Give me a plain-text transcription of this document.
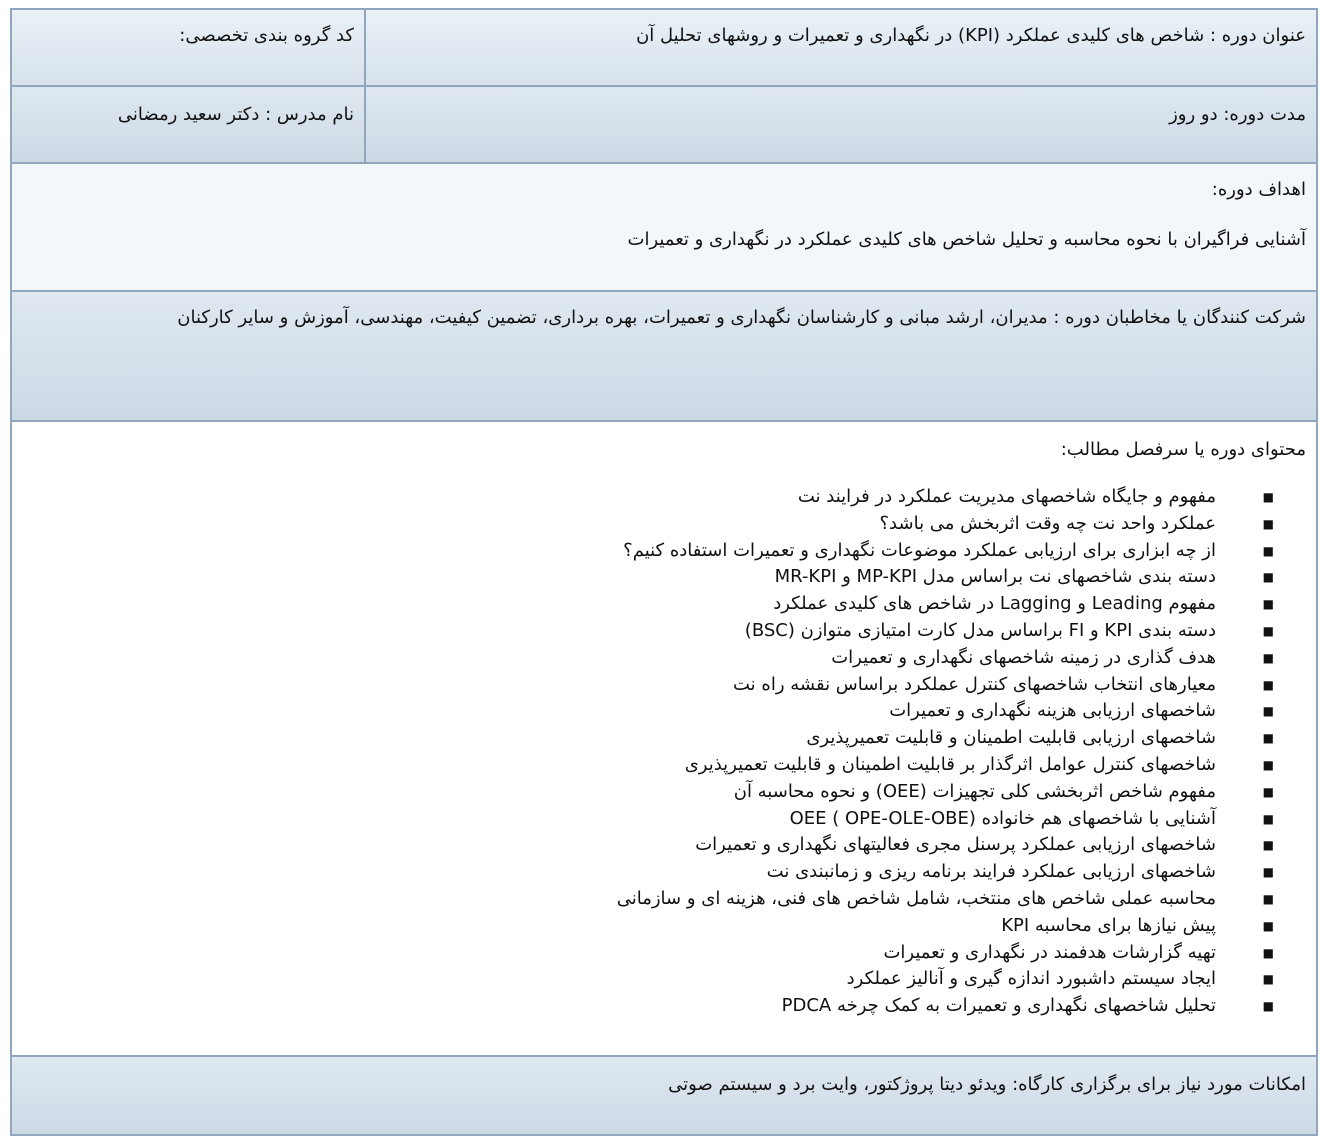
عنوان دوره : شاخص های کلیدی عملکرد (KPI) در نگهداری و تعمیرات و روشهای تحلیل آن
کد گروه بندی تخصصی:
مدت دوره: دو روز
نام مدرس : دکتر سعید رمضانی
اهداف دوره:
آشنایی فراگیران با نحوه محاسبه و تحلیل شاخص های کلیدی عملکرد در نگهداری و تعمیرات
شرکت کنندگان یا مخاطبان دوره : مدیران، ارشد مبانی و کارشناسان نگهداری و تعمیرات، بهره برداری، تضمین کیفیت، مهندسی، آموزش و سایر کارکنان
محتوای دوره یا سرفصل مطالب:
■
مفهوم و جایگاه شاخصهای مدیریت عملکرد در فرایند نت
■
عملکرد واحد نت چه وقت اثربخش می باشد؟
■
از چه ابزاری برای ارزیابی عملکرد موضوعات نگهداری و تعمیرات استفاده کنیم؟
■
دسته بندی شاخصهای نت براساس مدل MP-KPI و MR-KPI
■
مفهوم Leading و Lagging در شاخص های کلیدی عملکرد
■
دسته بندی KPI و FI براساس مدل کارت امتیازی متوازن (BSC)
■
هدف گذاری در زمینه شاخصهای نگهداری و تعمیرات
■
معیارهای انتخاب شاخصهای کنترل عملکرد براساس نقشه راه نت
■
شاخصهای ارزیابی هزینه نگهداری و تعمیرات
■
شاخصهای ارزیابی قابلیت اطمینان و قابلیت تعمیرپذیری
■
شاخصهای کنترل عوامل اثرگذار بر قابلیت اطمینان و قابلیت تعمیرپذیری
■
مفهوم شاخص اثربخشی کلی تجهیزات (OEE) و نحوه محاسبه آن
■
آشنایی با شاخصهای هم خانواده OEE ( OPE-OLE-OBE)
■
شاخصهای ارزیابی عملکرد پرسنل مجری فعالیتهای نگهداری و تعمیرات
■
شاخصهای ارزیابی عملکرد فرایند برنامه ریزی و زمانبندی نت
■
محاسبه عملی شاخص های منتخب، شامل شاخص های فنی، هزینه ای و سازمانی
■
پیش نیازها برای محاسبه KPI
■
تهیه گزارشات هدفمند در نگهداری و تعمیرات
■
ایجاد سیستم داشبورد اندازه گیری و آنالیز عملکرد
■
تحلیل شاخصهای نگهداری و تعمیرات به کمک چرخه PDCA
امکانات مورد نیاز برای برگزاری کارگاه: ویدئو دیتا پروژکتور، وایت برد و سیستم صوتی
